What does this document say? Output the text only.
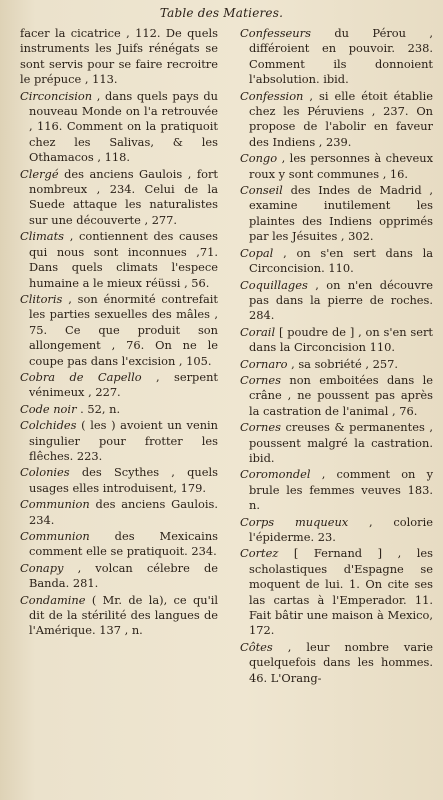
Table des Matieres.
facer la cicatrice , 112. De quels instruments les Juifs rénégats se sont servis pour se faire recroitre le prépuce , 113.
Circoncision , dans quels pays du nouveau Monde on l'a retrouvée , 116. Comment on la pratiquoit chez les Salivas, & les Othamacos , 118.
Clergé des anciens Gaulois , fort nombreux , 234. Celui de la Suede attaque les naturalistes sur une découverte , 277.
Climats , contiennent des causes qui nous sont inconnues ,71. Dans quels climats l'espece humaine a le mieux réüssi , 56.
Clitoris , son énormité contrefait les parties sexuelles des mâles , 75. Ce que produit son allongement , 76. On ne le coupe pas dans l'excision , 105.
Cobra de Capello , serpent vénimeux , 227.
Code noir . 52, n.
Colchides ( les ) avoient un venin singulier pour frotter les flêches. 223.
Colonies des Scythes , quels usages elles introduisent, 179.
Communion des anciens Gaulois. 234.
Communion des Mexicains comment elle se pratiquoit. 234.
Conapy , volcan célebre de Banda. 281.
Condamine ( Mr. de la), ce qu'il dit de la stérilité des langues de l'Amérique. 137 , n.
Confesseurs du Pérou , différoient en pouvoir. 238. Comment ils donnoient l'absolution. ibid.
Confession , si elle étoit établie chez les Péruviens , 237. On propose de l'abolir en faveur des Indiens , 239.
Congo , les personnes à cheveux roux y sont communes , 16.
Conseil des Indes de Madrid , examine inutilement les plaintes des Indiens opprimés par les Jésuites , 302.
Copal , on s'en sert dans la Circoncision. 110.
Coquillages , on n'en découvre pas dans la pierre de roches. 284.
Corail [ poudre de ] , on s'en sert dans la Circoncision 110.
Cornaro , sa sobriété , 257.
Cornes non emboitées dans le crâne , ne poussent pas après la castration de l'animal , 76.
Cornes creuses & permanentes , poussent malgré la castration. ibid.
Coromondel , comment on y brule les femmes veuves 183. n.
Corps muqueux , colorie l'épiderme. 23.
Cortez [ Fernand ] , les scholastiques d'Espagne se moquent de lui. 1. On cite ses las cartas à l'Emperador. 11. Fait bâtir une maison à Mexico, 172.
Côtes , leur nombre varie quelquefois dans les hommes. 46. L'Orang-
